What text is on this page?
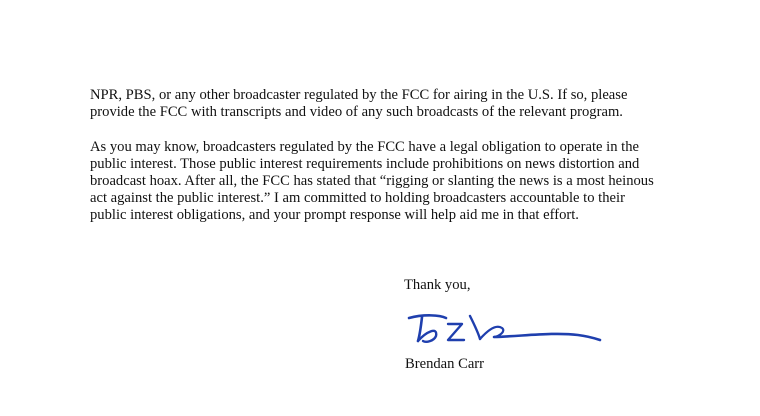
NPR, PBS, or any other broadcaster regulated by the FCC for airing in the U.S. If so, please
provide the FCC with transcripts and video of any such broadcasts of the relevant program.

As you may know, broadcasters regulated by the FCC have a legal obligation to operate in the
public interest. Those public interest requirements include prohibitions on news distortion and
broadcast hoax. After all, the FCC has stated that “rigging or slanting the news is a most heinous
act against the public interest.” I am committed to holding broadcasters accountable to their
public interest obligations, and your prompt response will help aid me in that effort.

Thank you,
Brendan Carr
